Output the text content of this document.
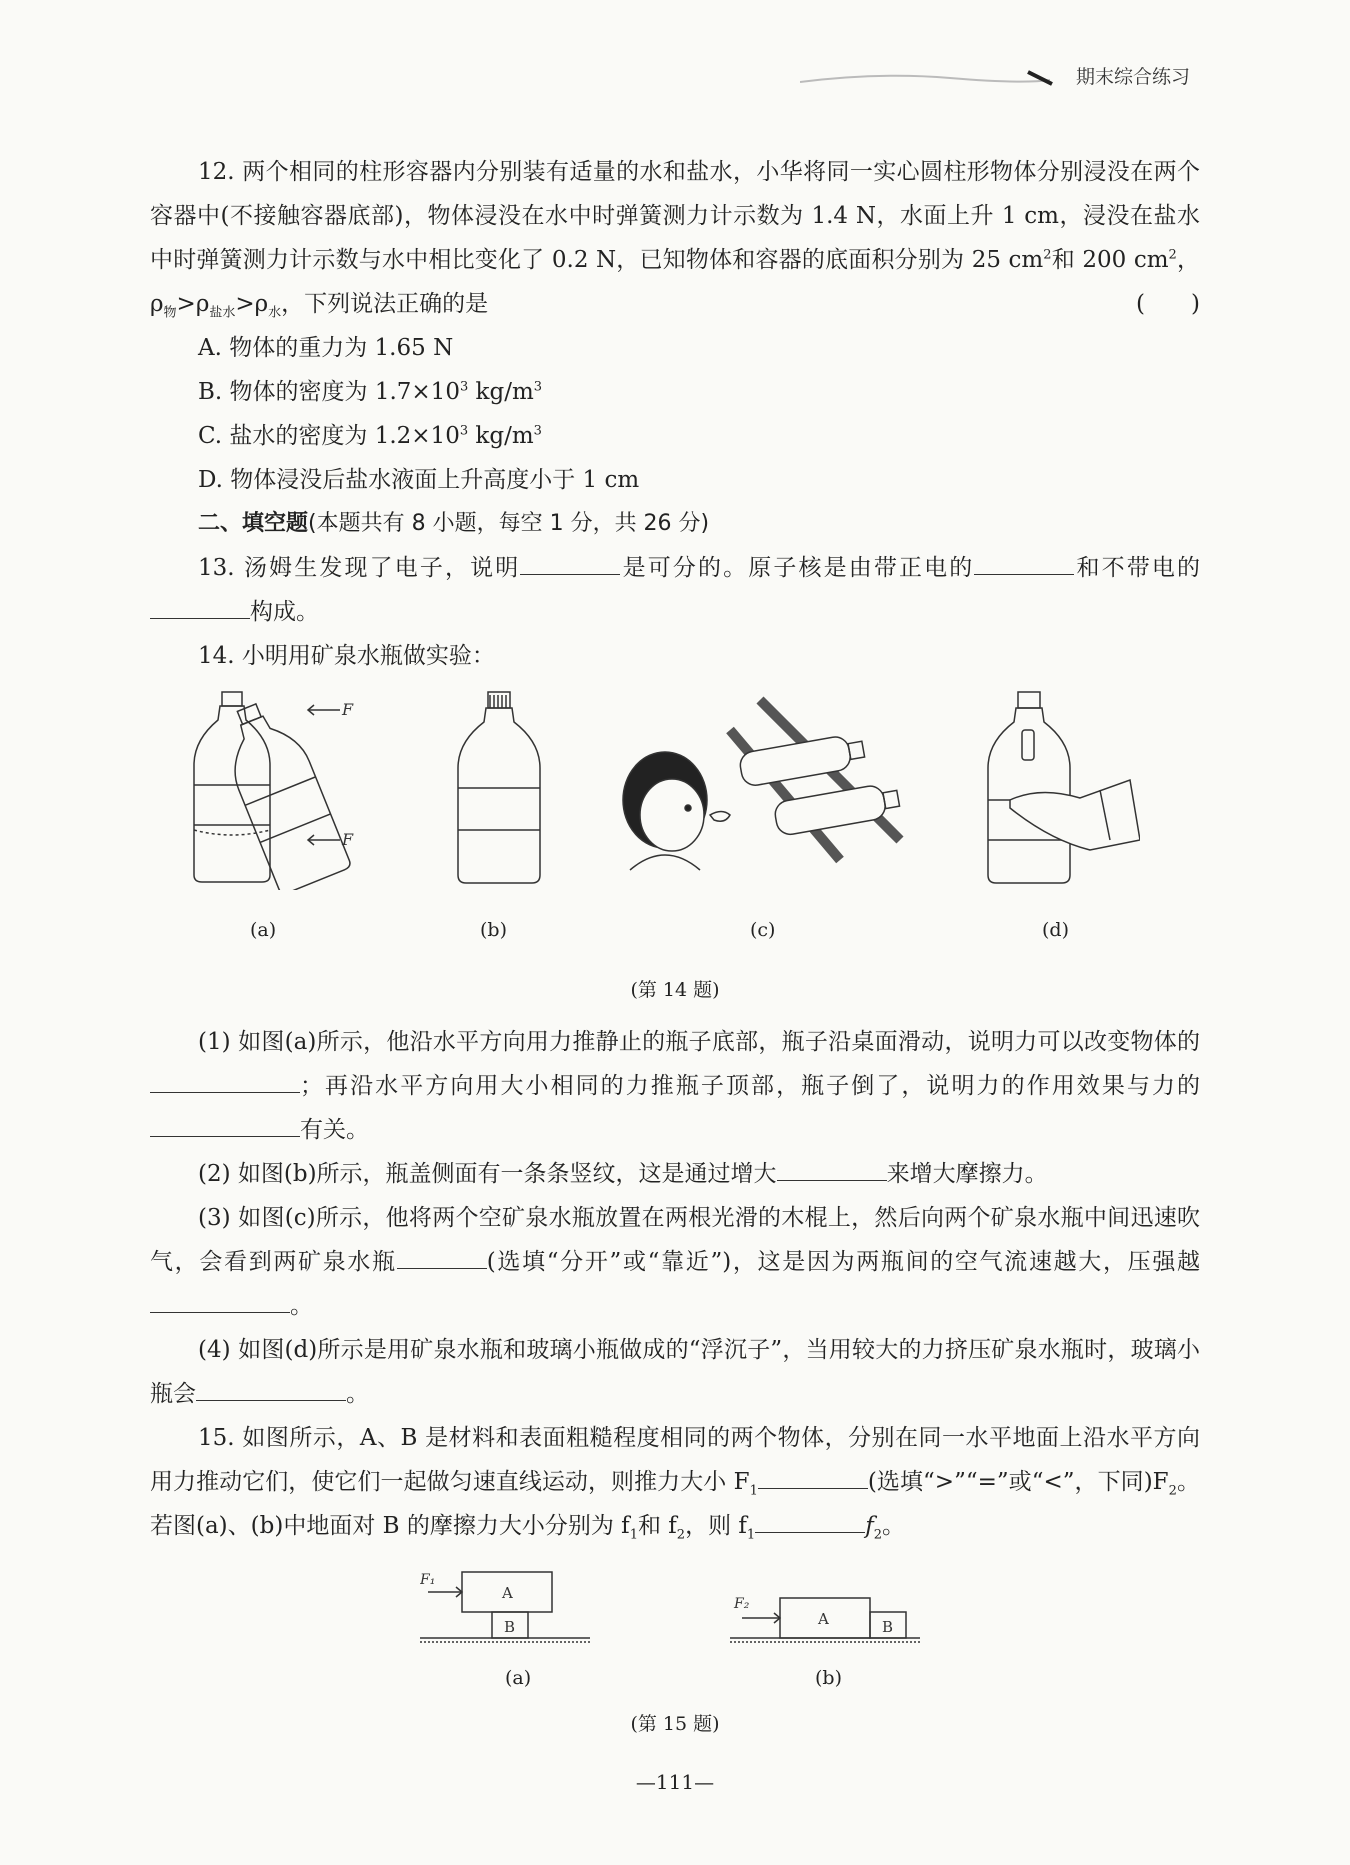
期末综合练习

12. 两个相同的柱形容器内分别装有适量的水和盐水，小华将同一实心圆柱形物体分别浸没在两个容器中(不接触容器底部)，物体浸没在水中时弹簧测力计示数为 1.4 N，水面上升 1 cm，浸没在盐水中时弹簧测力计示数与水中相比变化了 0.2 N，已知物体和容器的底面积分别为 25 $cm^2$和 200 $cm^2$，$\rho_物>\rho_{盐水}>\rho_水$，下列说法正确的是	(　　)

A. 物体的重力为 1.65 N

B. 物体的密度为 $1.7\times 10^3$ $kg/m^3$

C. 盐水的密度为 $1.2\times 10^3$ $kg/m^3$

D. 物体浸没后盐水液面上升高度小于 1 cm

二、填空题(本题共有 8 小题，每空 1 分，共 26 分)

13. 汤姆生发现了电子，说明	是可分的。原子核是由带正电的	和不带电的构成。

14. 小明用矿泉水瓶做实验：

F
F
(a)	(b)	(c)	(d)

(第 14 题)

(1) 如图(a)所示，他沿水平方向用力推静止的瓶子底部，瓶子沿桌面滑动，说明力可以改变物体的；再沿水平方向用大小相同的力推瓶子顶部，瓶子倒了，说明力的作用效果与力的有关。

(2) 如图(b)所示，瓶盖侧面有一条条竖纹，这是通过增大	来增大摩擦力。

(3) 如图(c)所示，他将两个空矿泉水瓶放置在两根光滑的木棍上，然后向两个矿泉水瓶中间迅速吹气，会看到两矿泉水瓶	(选填“分开”或“靠近”)，这是因为两瓶间的空气流速越大，压强越。

(4) 如图(d)所示是用矿泉水瓶和玻璃小瓶做成的“浮沉子”，当用较大的力挤压矿泉水瓶时，玻璃小瓶会	。

15. 如图所示，A、B 是材料和表面粗糙程度相同的两个物体，分别在同一水平地面上沿水平方向用力推动它们，使它们一起做匀速直线运动，则推力大小 $F_1$	(选填“>”“=”或“<”，下同)$F_2$。若图(a)、(b)中地面对 B 的摩擦力大小分别为 $f_1$和 $f_2$，则 $f_1$	$f_2$。

F₁
A
B
F₂
A	B
(a)	(b)

(第 15 题)

—111—
